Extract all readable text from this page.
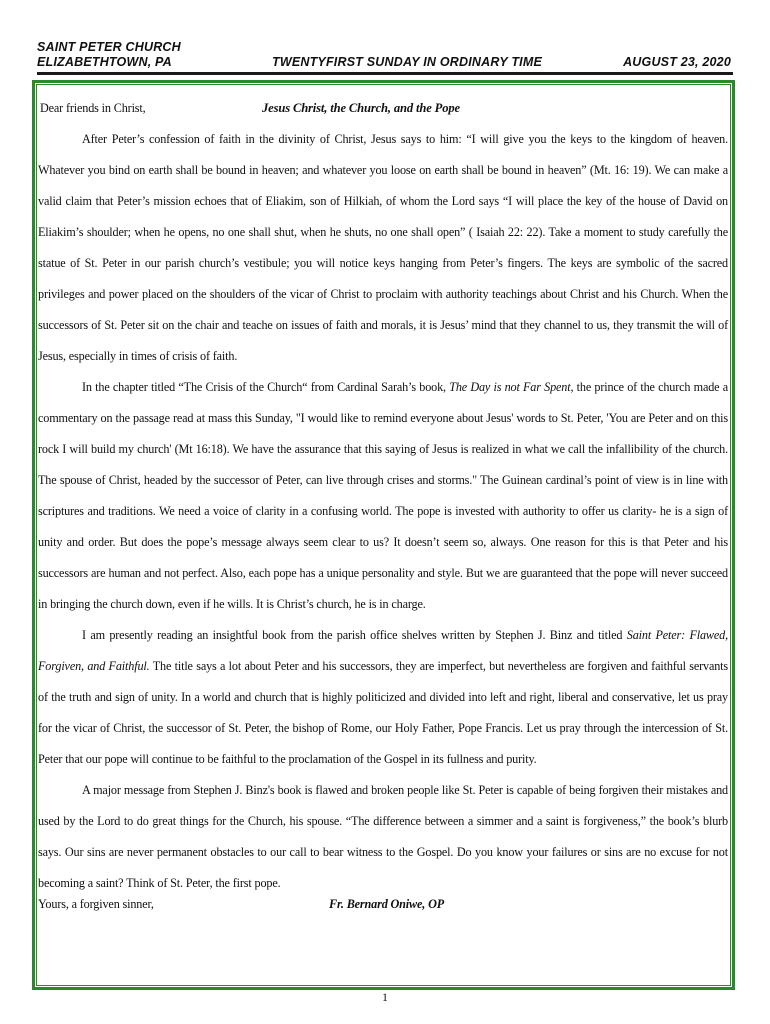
SAINT PETER CHURCH
ELIZABETHTOWN, PA	TWENTYFIRST SUNDAY IN ORDINARY TIME	AUGUST 23, 2020
Dear friends in Christ,	Jesus Christ, the Church, and the Pope

After Peter’s confession of faith in the divinity of Christ, Jesus says to him: “I will give you the keys to the kingdom of heaven. Whatever you bind on earth shall be bound in heaven; and whatever you loose on earth shall be bound in heaven” (Mt. 16: 19). We can make a valid claim that Peter’s mission echoes that of Eliakim, son of Hilkiah, of whom the Lord says “I will place the key of the house of David on Eliakim’s shoulder; when he opens, no one shall shut, when he shuts, no one shall open” ( Isaiah 22: 22). Take a moment to study carefully the statue of St. Peter in our parish church’s vestibule; you will notice keys hanging from Peter’s fingers. The keys are symbolic of the sacred privileges and power placed on the shoulders of the vicar of Christ to proclaim with authority teachings about Christ and his Church. When the successors of St. Peter sit on the chair and teache on issues of faith and morals, it is Jesus’ mind that they channel to us, they transmit the will of Jesus, especially in times of crisis of faith.

In the chapter titled “The Crisis of the Church“ from Cardinal Sarah’s book, The Day is not Far Spent, the prince of the church made a commentary on the passage read at mass this Sunday, "I would like to remind everyone about Jesus' words to St. Peter, 'You are Peter and on this rock I will build my church' (Mt 16:18). We have the assurance that this saying of Jesus is realized in what we call the infallibility of the church. The spouse of Christ, headed by the successor of Peter, can live through crises and storms." The Guinean cardinal’s point of view is in line with scriptures and traditions. We need a voice of clarity in a confusing world. The pope is invested with authority to offer us clarity- he is a sign of unity and order. But does the pope’s message always seem clear to us? It doesn’t seem so, always. One reason for this is that Peter and his successors are human and not perfect. Also, each pope has a unique personality and style. But we are guaranteed that the pope will never succeed in bringing the church down, even if he wills. It is Christ’s church, he is in charge.

I am presently reading an insightful book from the parish office shelves written by Stephen J. Binz and titled Saint Peter: Flawed, Forgiven, and Faithful. The title says a lot about Peter and his successors, they are imperfect, but nevertheless are forgiven and faithful servants of the truth and sign of unity. In a world and church that is highly politicized and divided into left and right, liberal and conservative, let us pray for the vicar of Christ, the successor of St. Peter, the bishop of Rome, our Holy Father, Pope Francis. Let us pray through the intercession of St. Peter that our pope will continue to be faithful to the proclamation of the Gospel in its fullness and purity.

A major message from Stephen J. Binz's book is flawed and broken people like St. Peter is capable of being forgiven their mistakes and used by the Lord to do great things for the Church, his spouse. “The difference between a simmer and a saint is forgiveness,” the book’s blurb says. Our sins are never permanent obstacles to our call to bear witness to the Gospel. Do you know your failures or sins are no excuse for not becoming a saint? Think of St. Peter, the first pope.

Yours, a forgiven sinner,	Fr. Bernard Oniwe, OP
1
